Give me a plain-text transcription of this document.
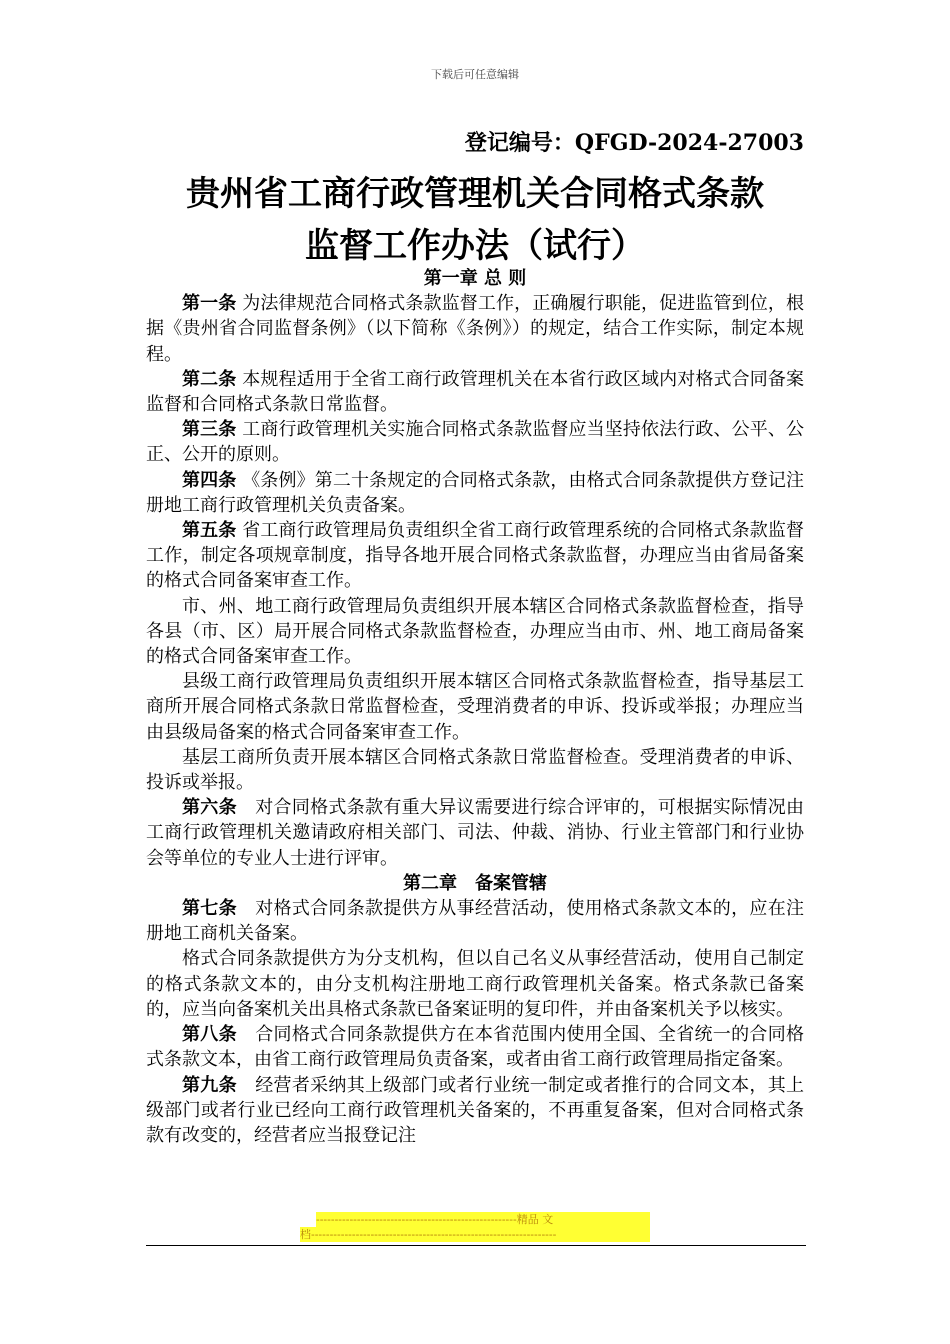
下载后可任意编辑
登记编号：QFGD-2024-27003
贵州省工商行政管理机关合同格式条款
监督工作办法（试行）
第一章 总 则

第一条 为法律规范合同格式条款监督工作，正确履行职能，促进监管到位，根据《贵州省合同监督条例》（以下简称《条例》）的规定，结合工作实际，制定本规程。

第二条 本规程适用于全省工商行政管理机关在本省行政区域内对格式合同备案监督和合同格式条款日常监督。

第三条 工商行政管理机关实施合同格式条款监督应当坚持依法行政、公平、公正、公开的原则。

第四条 《条例》第二十条规定的合同格式条款，由格式合同条款提供方登记注册地工商行政管理机关负责备案。

第五条 省工商行政管理局负责组织全省工商行政管理系统的合同格式条款监督工作，制定各项规章制度，指导各地开展合同格式条款监督，办理应当由省局备案的格式合同备案审查工作。

市、州、地工商行政管理局负责组织开展本辖区合同格式条款监督检查，指导各县（市、区）局开展合同格式条款监督检查，办理应当由市、州、地工商局备案的格式合同备案审查工作。

县级工商行政管理局负责组织开展本辖区合同格式条款监督检查，指导基层工商所开展合同格式条款日常监督检查，受理消费者的申诉、投诉或举报；办理应当由县级局备案的格式合同备案审查工作。

基层工商所负责开展本辖区合同格式条款日常监督检查。受理消费者的申诉、投诉或举报。

第六条　对合同格式条款有重大异议需要进行综合评审的，可根据实际情况由工商行政管理机关邀请政府相关部门、司法、仲裁、消协、行业主管部门和行业协会等单位的专业人士进行评审。

第二章　备案管辖

第七条　对格式合同条款提供方从事经营活动，使用格式条款文本的，应在注册地工商机关备案。

格式合同条款提供方为分支机构，但以自己名义从事经营活动，使用自己制定的格式条款文本的，由分支机构注册地工商行政管理机关备案。格式条款已备案的，应当向备案机关出具格式条款已备案证明的复印件，并由备案机关予以核实。

第八条　合同格式合同条款提供方在本省范围内使用全国、全省统一的合同格式条款文本，由省工商行政管理局负责备案，或者由省工商行政管理局指定备案。

第九条　经营者采纳其上级部门或者行业统一制定或者推行的合同文本，其上级部门或者行业已经向工商行政管理机关备案的，不再重复备案，但对合同格式条款有改变的，经营者应当报登记注

------------------------------------------------------精品 文
档------------------------------------------------------------------
